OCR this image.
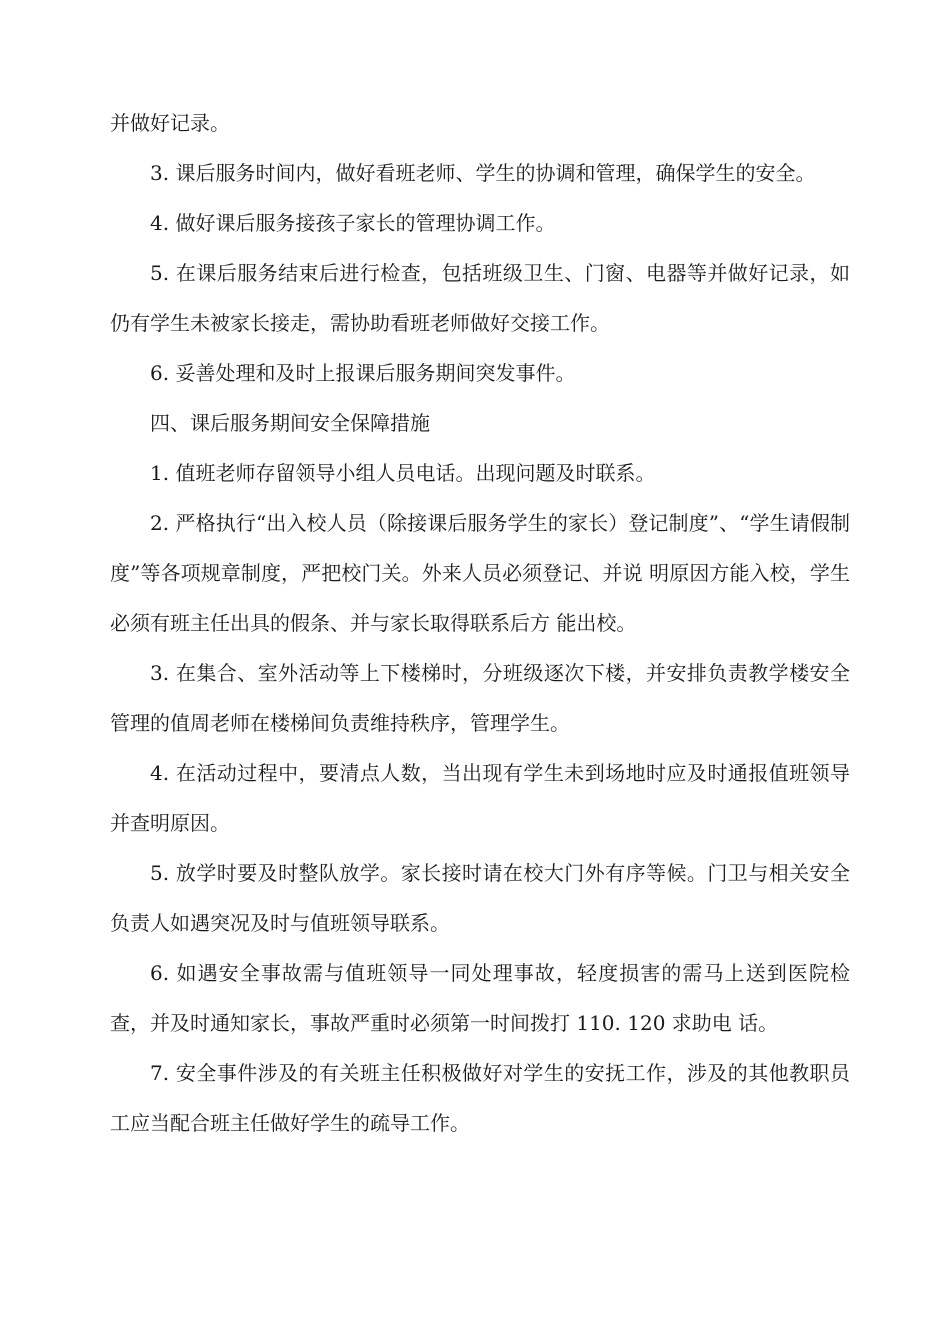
并做好记录。

3. 课后服务时间内，做好看班老师、学生的协调和管理，确保学生的安全。

4. 做好课后服务接孩子家长的管理协调工作。

5. 在课后服务结束后进行检查，包括班级卫生、门窗、电器等并做好记录，如仍有学生未被家长接走，需协助看班老师做好交接工作。

6. 妥善处理和及时上报课后服务期间突发事件。

四、课后服务期间安全保障措施

1. 值班老师存留领导小组人员电话。出现问题及时联系。

2. 严格执行“出入校人员（除接课后服务学生的家长）登记制度”、“学生请假制度”等各项规章制度，严把校门关。外来人员必须登记、并说 明原因方能入校，学生必须有班主任出具的假条、并与家长取得联系后方 能出校。

3. 在集合、室外活动等上下楼梯时，分班级逐次下楼，并安排负责教学楼安全管理的值周老师在楼梯间负责维持秩序，管理学生。

4. 在活动过程中，要清点人数，当出现有学生未到场地时应及时通报值班领导并查明原因。

5. 放学时要及时整队放学。家长接时请在校大门外有序等候。门卫与相关安全负责人如遇突况及时与值班领导联系。

6. 如遇安全事故需与值班领导一同处理事故，轻度损害的需马上送到医院检查，并及时通知家长，事故严重时必须第一时间拨打 110. 120 求助电 话。

7. 安全事件涉及的有关班主任积极做好对学生的安抚工作，涉及的其他教职员工应当配合班主任做好学生的疏导工作。
